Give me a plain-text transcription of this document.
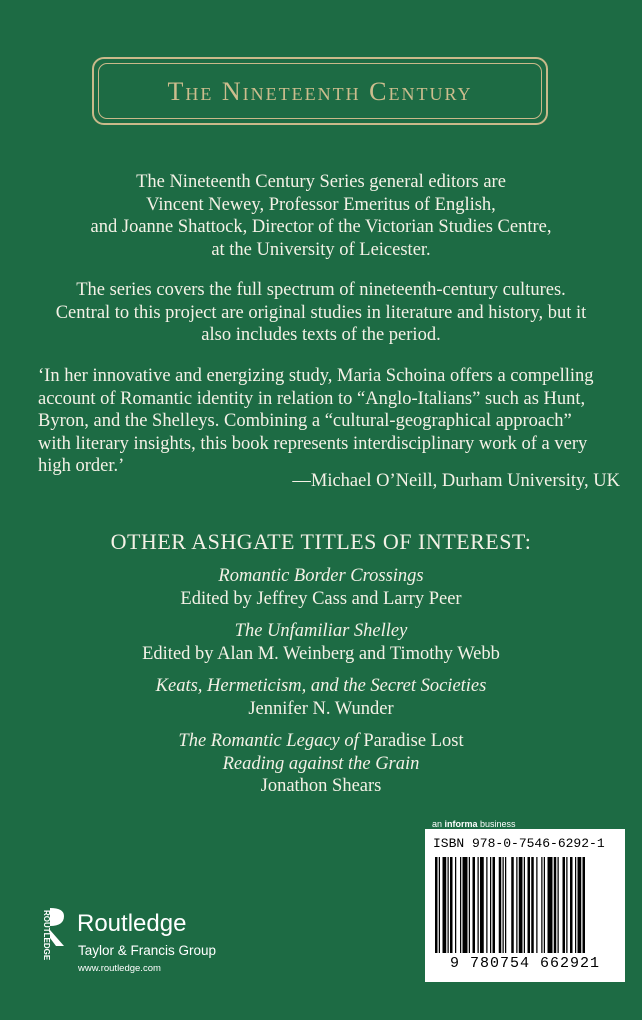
The Nineteenth Century
The Nineteenth Century Series general editors are
Vincent Newey, Professor Emeritus of English,
and Joanne Shattock, Director of the Victorian Studies Centre,
at the University of Leicester.
The series covers the full spectrum of nineteenth-century cultures.
Central to this project are original studies in literature and history, but it
also includes texts of the period.
‘In her innovative and energizing study, Maria Schoina offers a compelling
account of Romantic identity in relation to “Anglo-Italians” such as Hunt,
Byron, and the Shelleys. Combining a “cultural-geographical approach”
with literary insights, this book represents interdisciplinary work of a very
high order.’
—Michael O’Neill, Durham University, UK
OTHER ASHGATE TITLES OF INTEREST:
Romantic Border Crossings
Edited by Jeffrey Cass and Larry Peer
The Unfamiliar Shelley
Edited by Alan M. Weinberg and Timothy Webb
Keats, Hermeticism, and the Secret Societies
Jennifer N. Wunder
The Romantic Legacy of Paradise Lost
Reading against the Grain
Jonathon Shears
an informa business
ISBN 978-0-7546-6292-1
9 780754 662921
ROUTLEDGE Routledge
Taylor & Francis Group
www.routledge.com
